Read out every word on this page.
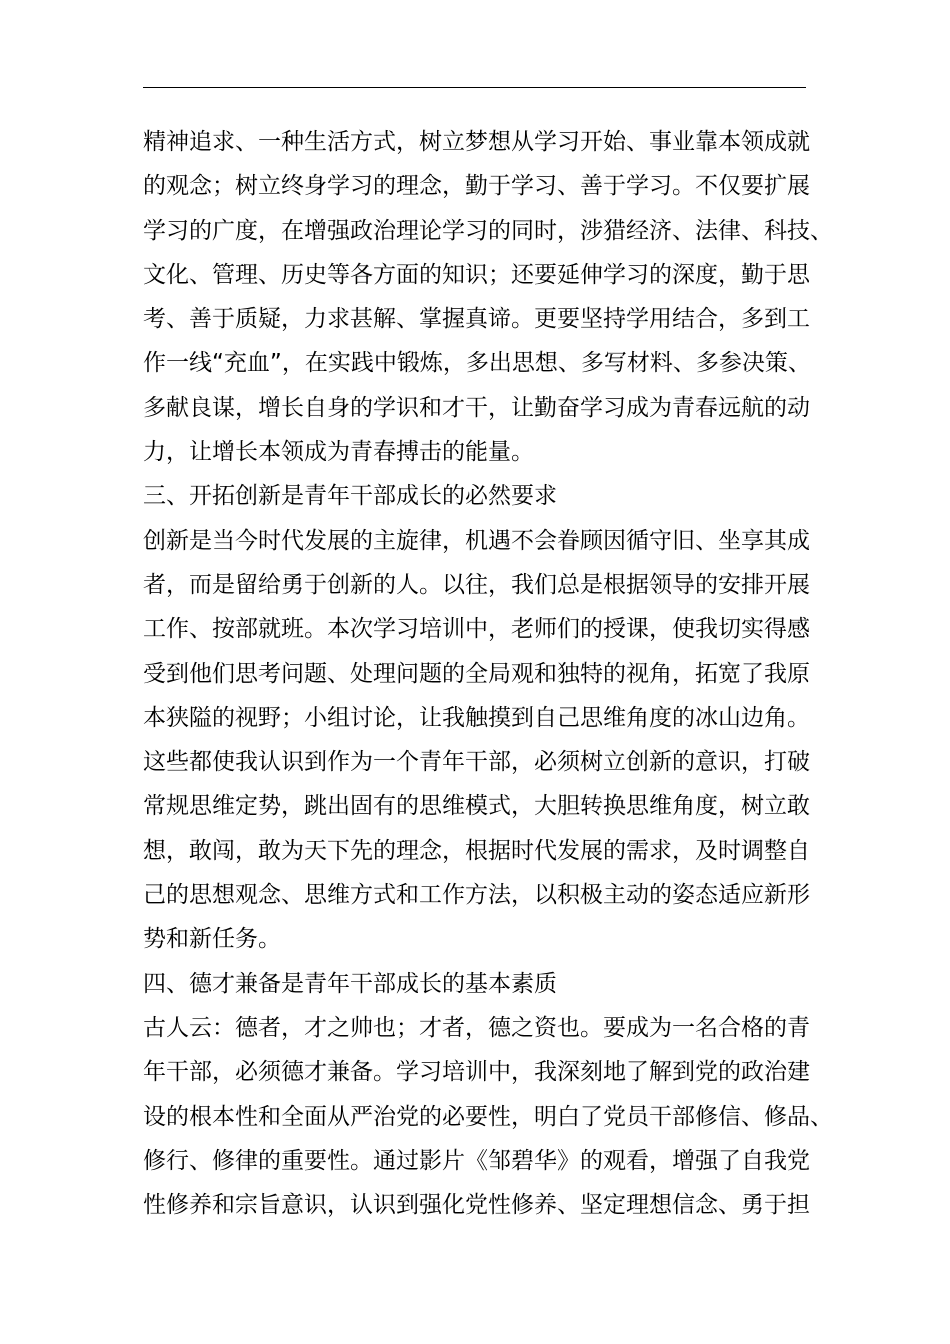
精神追求、一种生活方式，树立梦想从学习开始、事业靠本领成就
的观念；树立终身学习的理念，勤于学习、善于学习。不仅要扩展
学习的广度，在增强政治理论学习的同时，涉猎经济、法律、科技、
文化、管理、历史等各方面的知识；还要延伸学习的深度，勤于思
考、善于质疑，力求甚解、掌握真谛。更要坚持学用结合，多到工
作一线“充血”，在实践中锻炼，多出思想、多写材料、多参决策、
多献良谋，增长自身的学识和才干，让勤奋学习成为青春远航的动
力，让增长本领成为青春搏击的能量。
三、开拓创新是青年干部成长的必然要求
创新是当今时代发展的主旋律，机遇不会眷顾因循守旧、坐享其成
者，而是留给勇于创新的人。以往，我们总是根据领导的安排开展
工作、按部就班。本次学习培训中，老师们的授课，使我切实得感
受到他们思考问题、处理问题的全局观和独特的视角，拓宽了我原
本狭隘的视野；小组讨论，让我触摸到自己思维角度的冰山边角。
这些都使我认识到作为一个青年干部，必须树立创新的意识，打破
常规思维定势，跳出固有的思维模式，大胆转换思维角度，树立敢
想，敢闯，敢为天下先的理念，根据时代发展的需求，及时调整自
己的思想观念、思维方式和工作方法，以积极主动的姿态适应新形
势和新任务。
四、德才兼备是青年干部成长的基本素质
古人云：德者，才之帅也；才者，德之资也。要成为一名合格的青
年干部，必须德才兼备。学习培训中，我深刻地了解到党的政治建
设的根本性和全面从严治党的必要性，明白了党员干部修信、修品、
修行、修律的重要性。通过影片《邹碧华》的观看，增强了自我党
性修养和宗旨意识，认识到强化党性修养、坚定理想信念、勇于担
